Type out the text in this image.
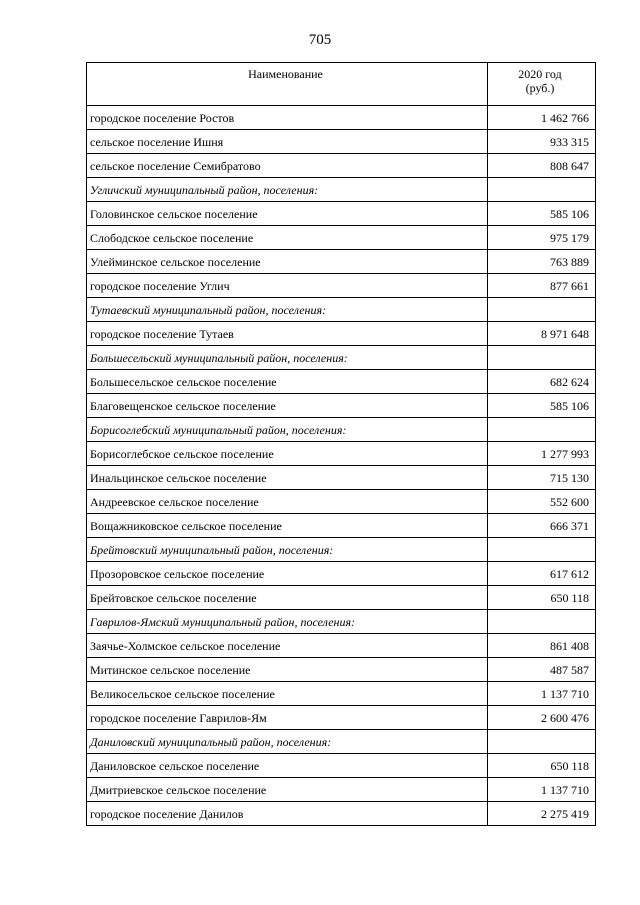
705
Наименование	2020 год
(руб.)

городское поселение Ростов	1 462 766
сельское поселение Ишня	933 315
сельское поселение Семибратово	808 647
Угличский муниципальный район, поселения:	
Головинское сельское поселение	585 106
Слободское сельское поселение	975 179
Улейминское сельское поселение	763 889
городское поселение Углич	877 661
Тутаевский муниципальный район, поселения:	
городское поселение Тутаев	8 971 648
Большесельский муниципальный район, поселения:	
Большесельское сельское поселение	682 624
Благовещенское сельское поселение	585 106
Борисоглебский муниципальный район, поселения:	
Борисоглебское сельское поселение	1 277 993
Инальцинское сельское поселение	715 130
Андреевское сельское поселение	552 600
Вощажниковское сельское поселение	666 371
Брейтовский муниципальный район, поселения:	
Прозоровское сельское поселение	617 612
Брейтовское сельское поселение	650 118
Гаврилов-Ямский муниципальный район, поселения:	
Заячье-Холмское сельское поселение	861 408
Митинское сельское поселение	487 587
Великосельское сельское поселение	1 137 710
городское поселение Гаврилов-Ям	2 600 476
Даниловский муниципальный район, поселения:	
Даниловское сельское поселение	650 118
Дмитриевское сельское поселение	1 137 710
городское поселение Данилов	2 275 419
